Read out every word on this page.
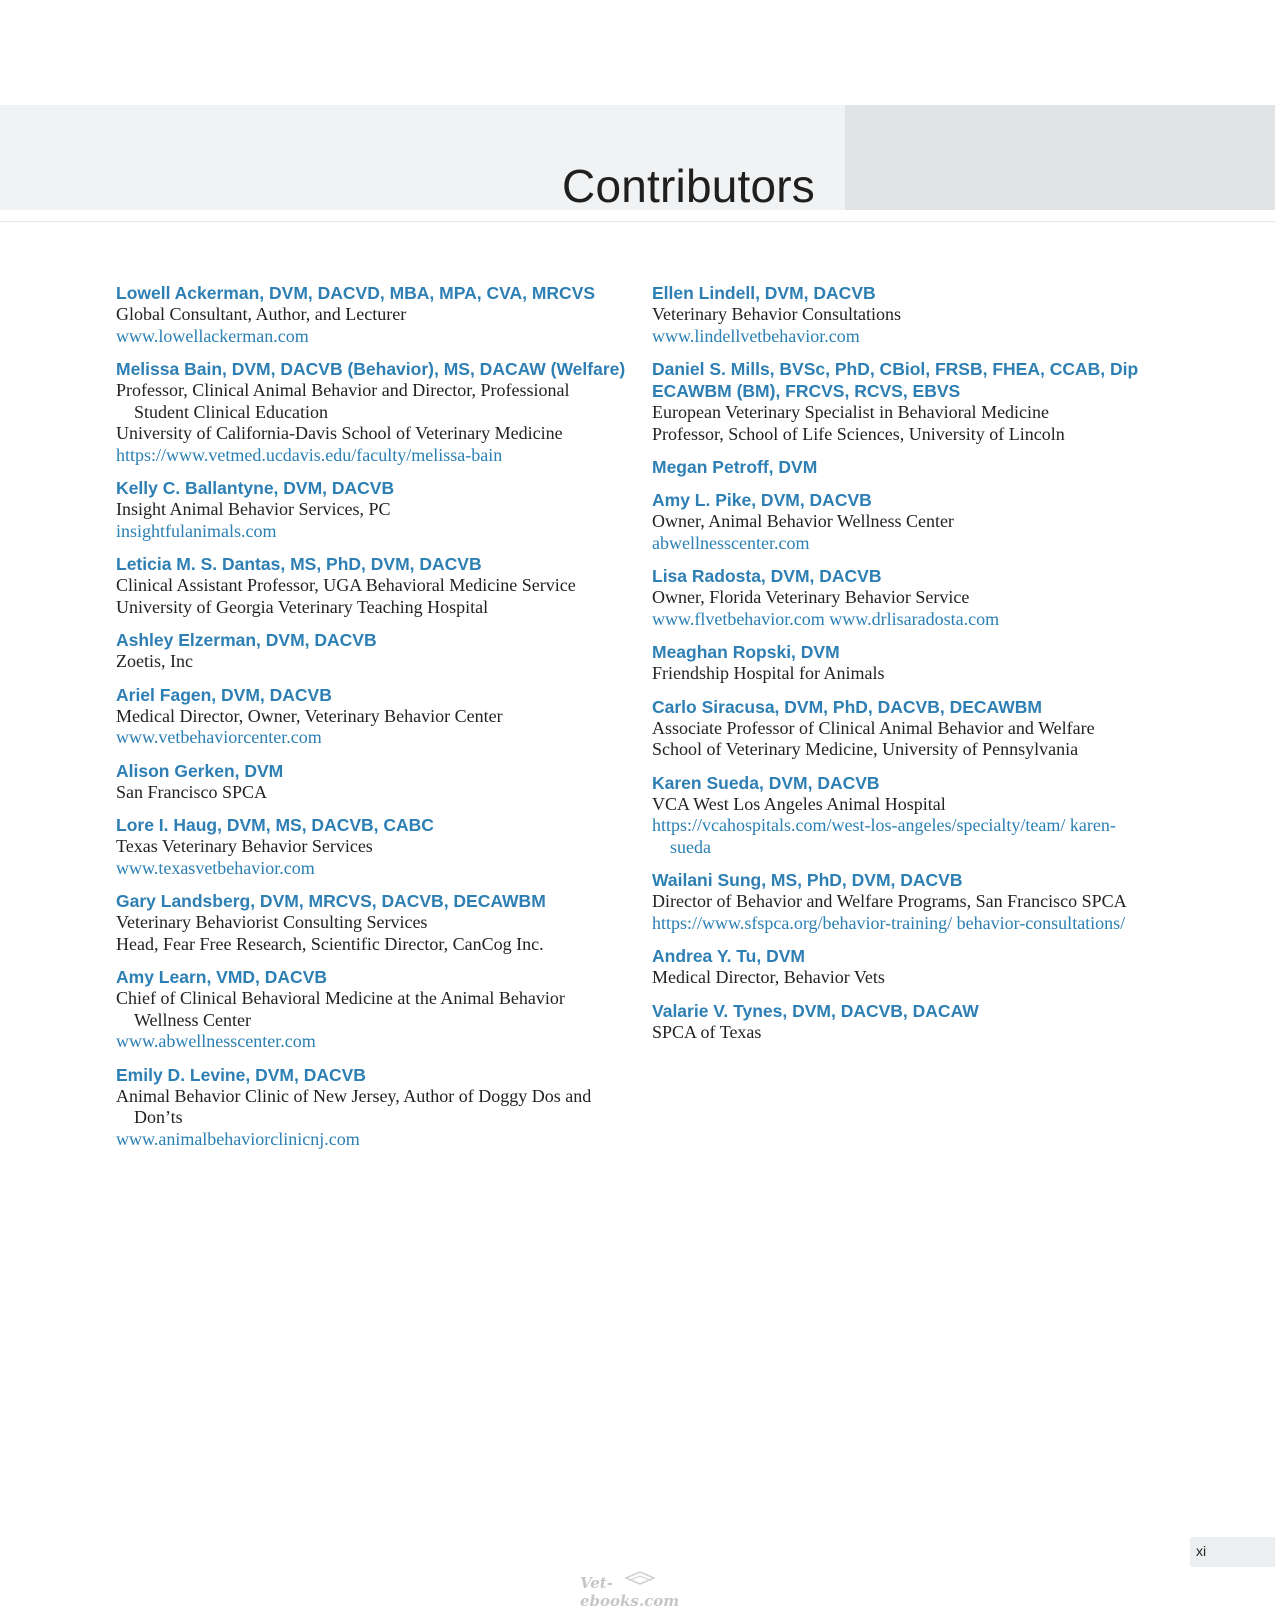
Contributors
Lowell Ackerman, DVM, DACVD, MBA, MPA, CVA, MRCVS
Global Consultant, Author, and Lecturer
www.lowellackerman.com
Melissa Bain, DVM, DACVB (Behavior), MS, DACAW (Welfare)
Professor, Clinical Animal Behavior and Director, Professional Student Clinical Education
University of California-Davis School of Veterinary Medicine
https://www.vetmed.ucdavis.edu/faculty/melissa-bain
Kelly C. Ballantyne, DVM, DACVB
Insight Animal Behavior Services, PC
insightfulanimals.com
Leticia M. S. Dantas, MS, PhD, DVM, DACVB
Clinical Assistant Professor, UGA Behavioral Medicine Service
University of Georgia Veterinary Teaching Hospital
Ashley Elzerman, DVM, DACVB
Zoetis, Inc
Ariel Fagen, DVM, DACVB
Medical Director, Owner, Veterinary Behavior Center
www.vetbehaviorcenter.com
Alison Gerken, DVM
San Francisco SPCA
Lore I. Haug, DVM, MS, DACVB, CABC
Texas Veterinary Behavior Services
www.texasvetbehavior.com
Gary Landsberg, DVM, MRCVS, DACVB, DECAWBM
Veterinary Behaviorist Consulting Services
Head, Fear Free Research, Scientific Director, CanCog Inc.
Amy Learn, VMD, DACVB
Chief of Clinical Behavioral Medicine at the Animal Behavior Wellness Center
www.abwellnesscenter.com
Emily D. Levine, DVM, DACVB
Animal Behavior Clinic of New Jersey, Author of Doggy Dos and Don’ts
www.animalbehaviorclinicnj.com
Ellen Lindell, DVM, DACVB
Veterinary Behavior Consultations
www.lindellvetbehavior.com
Daniel S. Mills, BVSc, PhD, CBiol, FRSB, FHEA, CCAB, Dip ECAWBM (BM), FRCVS, RCVS, EBVS
European Veterinary Specialist in Behavioral Medicine
Professor, School of Life Sciences, University of Lincoln
Megan Petroff, DVM
Amy L. Pike, DVM, DACVB
Owner, Animal Behavior Wellness Center
abwellnesscenter.com
Lisa Radosta, DVM, DACVB
Owner, Florida Veterinary Behavior Service
www.flvetbehavior.com www.drlisaradosta.com
Meaghan Ropski, DVM
Friendship Hospital for Animals
Carlo Siracusa, DVM, PhD, DACVB, DECAWBM
Associate Professor of Clinical Animal Behavior and Welfare
School of Veterinary Medicine, University of Pennsylvania
Karen Sueda, DVM, DACVB
VCA West Los Angeles Animal Hospital
https://vcahospitals.com/west-los-angeles/specialty/team/ karen-sueda
Wailani Sung, MS, PhD, DVM, DACVB
Director of Behavior and Welfare Programs, San Francisco SPCA
https://www.sfspca.org/behavior-training/ behavior-consultations/
Andrea Y. Tu, DVM
Medical Director, Behavior Vets
Valarie V. Tynes, DVM, DACVB, DACAW
SPCA of Texas
xi
Vet-ebooks.com
